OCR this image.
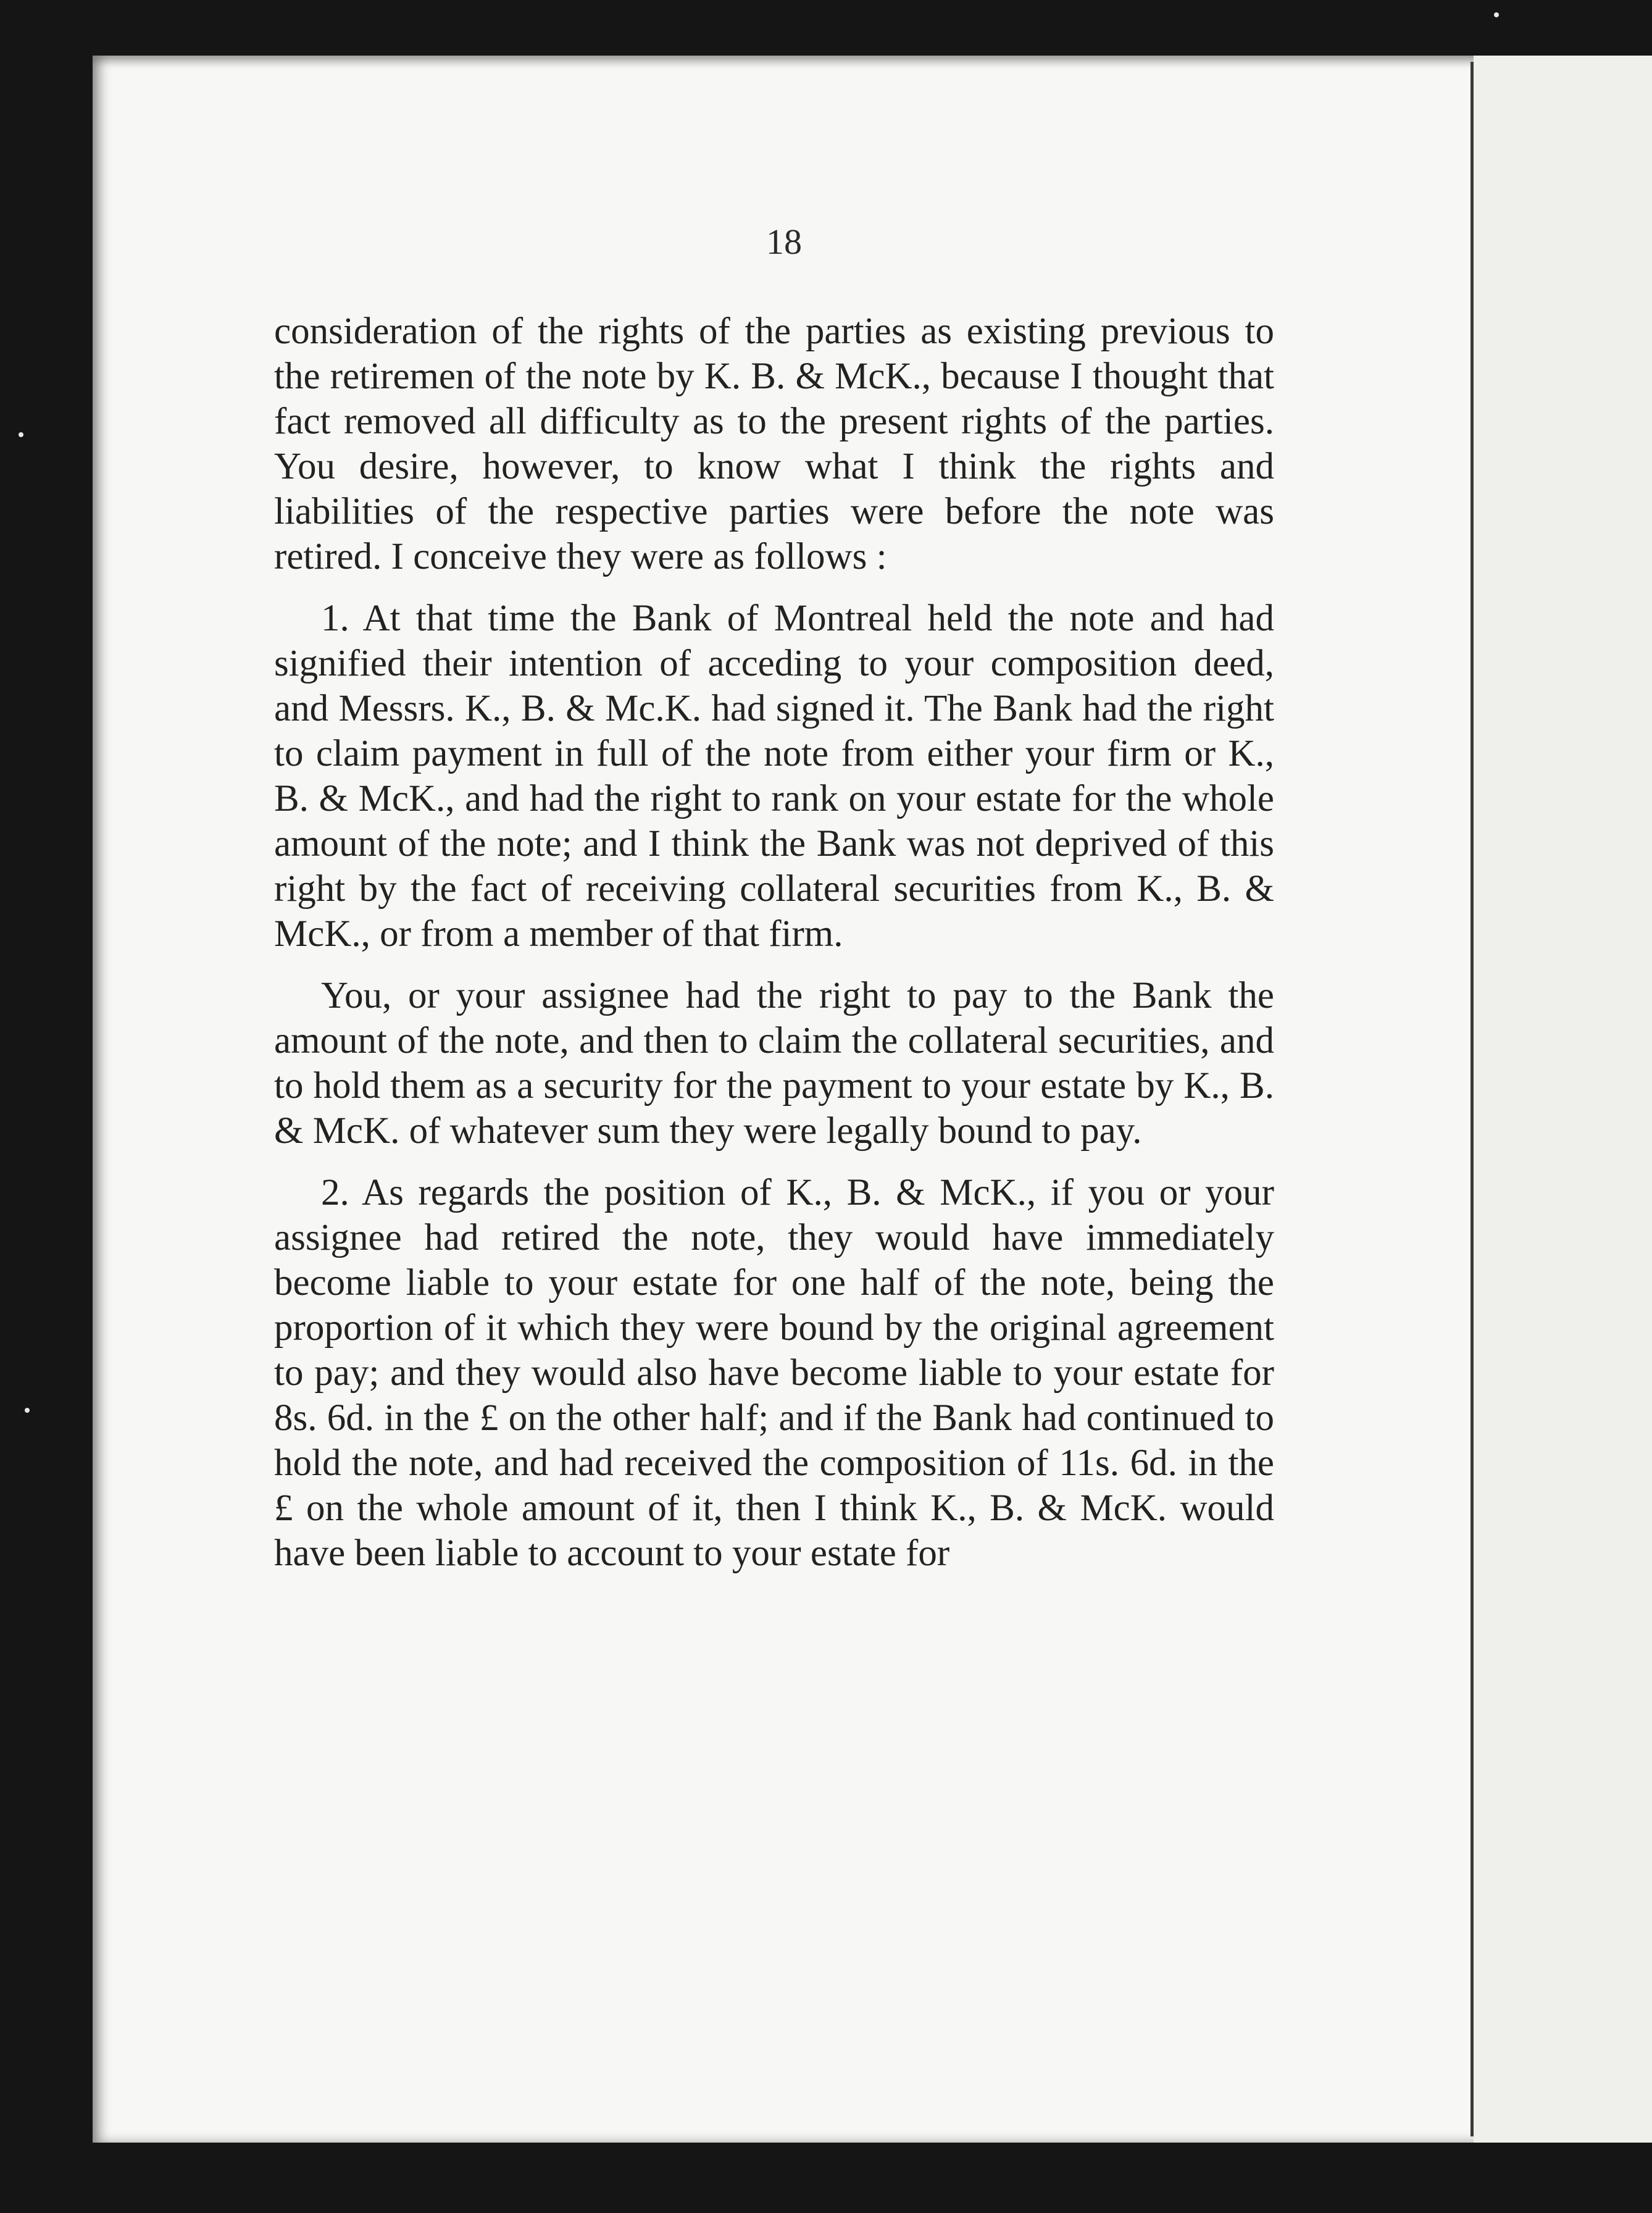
18

consideration of the rights of the parties as existing previous to the retiremen of the note by K. B. & McK., because I thought that fact removed all difficulty as to the present rights of the parties. You desire, however, to know what I think the rights and liabilities of the respective parties were before the note was retired. I conceive they were as follows :

1. At that time the Bank of Montreal held the note and had signified their intention of acceding to your composition deed, and Messrs. K., B. & Mc.K. had signed it. The Bank had the right to claim payment in full of the note from either your firm or K., B. & McK., and had the right to rank on your estate for the whole amount of the note; and I think the Bank was not deprived of this right by the fact of receiving collateral securities from K., B. & McK., or from a member of that firm.

You, or your assignee had the right to pay to the Bank the amount of the note, and then to claim the collateral securities, and to hold them as a security for the payment to your estate by K., B. & McK. of whatever sum they were legally bound to pay.

2. As regards the position of K., B. & McK., if you or your assignee had retired the note, they would have immediately become liable to your estate for one half of the note, being the proportion of it which they were bound by the original agreement to pay; and they would also have become liable to your estate for 8s. 6d. in the £ on the other half; and if the Bank had continued to hold the note, and had received the composition of 11s. 6d. in the £ on the whole amount of it, then I think K., B. & McK. would have been liable to account to your estate for
